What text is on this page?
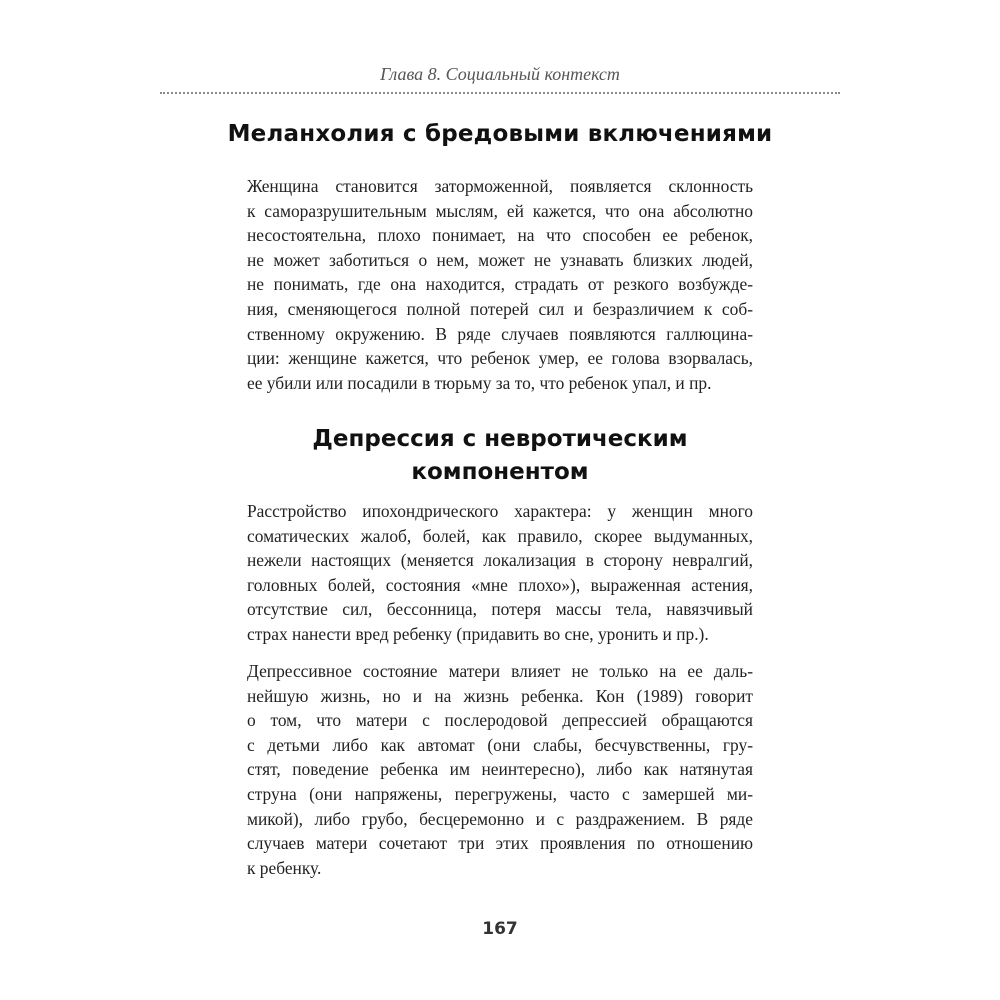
Глава 8. Социальный контекст
Меланхолия с бредовыми включениями
Женщина становится заторможенной, появляется склонность
к саморазрушительным мыслям, ей кажется, что она абсолютно
несостоятельна, плохо понимает, на что способен ее ребенок,
не может заботиться о нем, может не узнавать близких людей,
не понимать, где она находится, страдать от резкого возбужде-
ния, сменяющегося полной потерей сил и безразличием к соб-
ственному окружению. В ряде случаев появляются галлюцина-
ции: женщине кажется, что ребенок умер, ее голова взорвалась,
ее убили или посадили в тюрьму за то, что ребенок упал, и пр.
Депрессия с невротическим
компонентом
Расстройство ипохондрического характера: у женщин много
соматических жалоб, болей, как правило, скорее выдуманных,
нежели настоящих (меняется локализация в сторону невралгий,
головных болей, состояния «мне плохо»), выраженная астения,
отсутствие сил, бессонница, потеря массы тела, навязчивый
страх нанести вред ребенку (придавить во сне, уронить и пр.).
Депрессивное состояние матери влияет не только на ее даль-
нейшую жизнь, но и на жизнь ребенка. Кон (1989) говорит
о том, что матери с послеродовой депрессией обращаются
с детьми либо как автомат (они слабы, бесчувственны, гру-
стят, поведение ребенка им неинтересно), либо как натянутая
струна (они напряжены, перегружены, часто с замершей ми-
микой), либо грубо, бесцеремонно и с раздражением. В ряде
случаев матери сочетают три этих проявления по отношению
к ребенку.
167
